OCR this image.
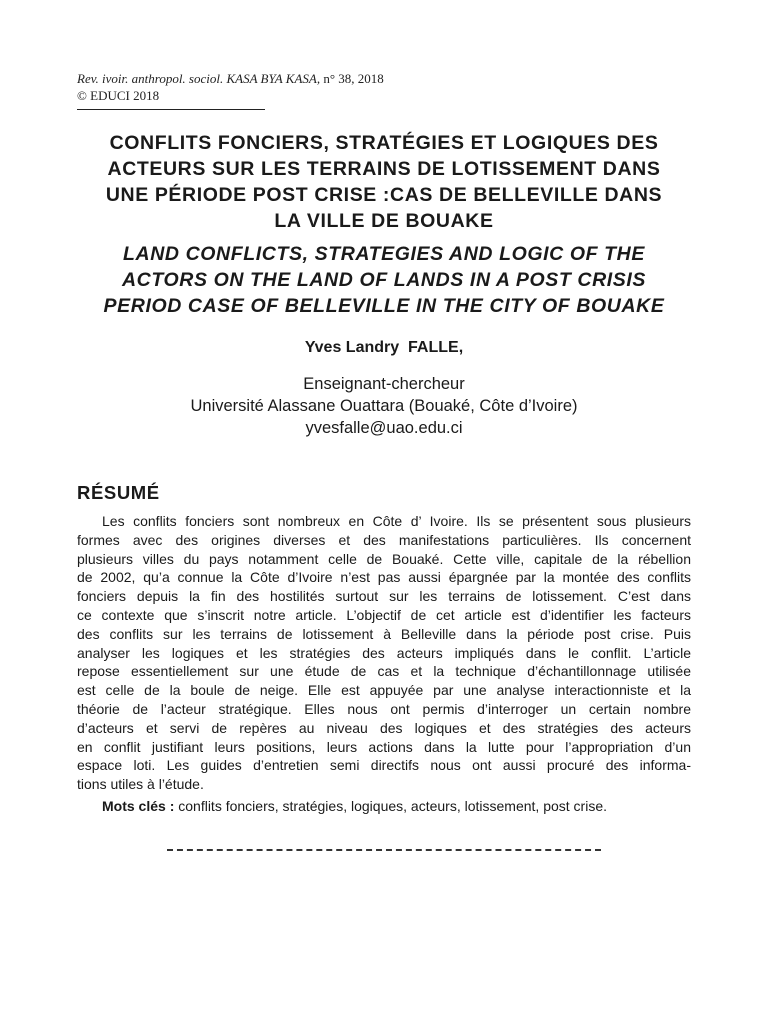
Rev. ivoir. anthropol. sociol. KASA BYA KASA, n° 38, 2018
© EDUCI 2018
CONFLITS FONCIERS, STRATÉGIES ET LOGIQUES DES
ACTEURS SUR LES TERRAINS DE LOTISSEMENT DANS
UNE PÉRIODE POST CRISE :CAS DE BELLEVILLE DANS
LA VILLE DE BOUAKE
LAND CONFLICTS, STRATEGIES AND LOGIC OF THE
ACTORS ON THE LAND OF LANDS IN A POST CRISIS
PERIOD CASE OF BELLEVILLE IN THE CITY OF BOUAKE
Yves Landry  FALLE,
Enseignant-chercheur
Université Alassane Ouattara (Bouaké, Côte d’Ivoire)
yvesfalle@uao.edu.ci
RÉSUMÉ
Les conflits fonciers sont nombreux en Côte d’ Ivoire. Ils se présentent sous plusieurs
formes avec des origines diverses et des manifestations particulières. Ils concernent
plusieurs villes du pays notamment celle de Bouaké. Cette ville, capitale de la rébellion
de 2002, qu’a connue la Côte d’Ivoire n’est pas aussi épargnée par la montée des conflits
fonciers depuis la fin des hostilités surtout sur les terrains de lotissement. C’est dans
ce contexte que s’inscrit notre article. L’objectif de cet article est d’identifier les facteurs
des conflits sur les terrains de lotissement à Belleville dans la période post crise. Puis
analyser les logiques et les stratégies des acteurs impliqués dans le conflit. L’article
repose essentiellement sur une étude de cas et la technique d’échantillonnage utilisée
est celle de la boule de neige. Elle est appuyée par une analyse interactionniste et la
théorie de l’acteur stratégique. Elles nous ont permis d’interroger un certain nombre
d’acteurs et servi de repères au niveau des logiques et des stratégies des acteurs
en conflit justifiant leurs positions, leurs actions dans la lutte pour l’appropriation d’un
espace loti. Les guides d’entretien semi directifs nous ont aussi procuré des informa-
tions utiles à l’étude.
Mots clés : conflits fonciers, stratégies, logiques, acteurs, lotissement, post crise.
